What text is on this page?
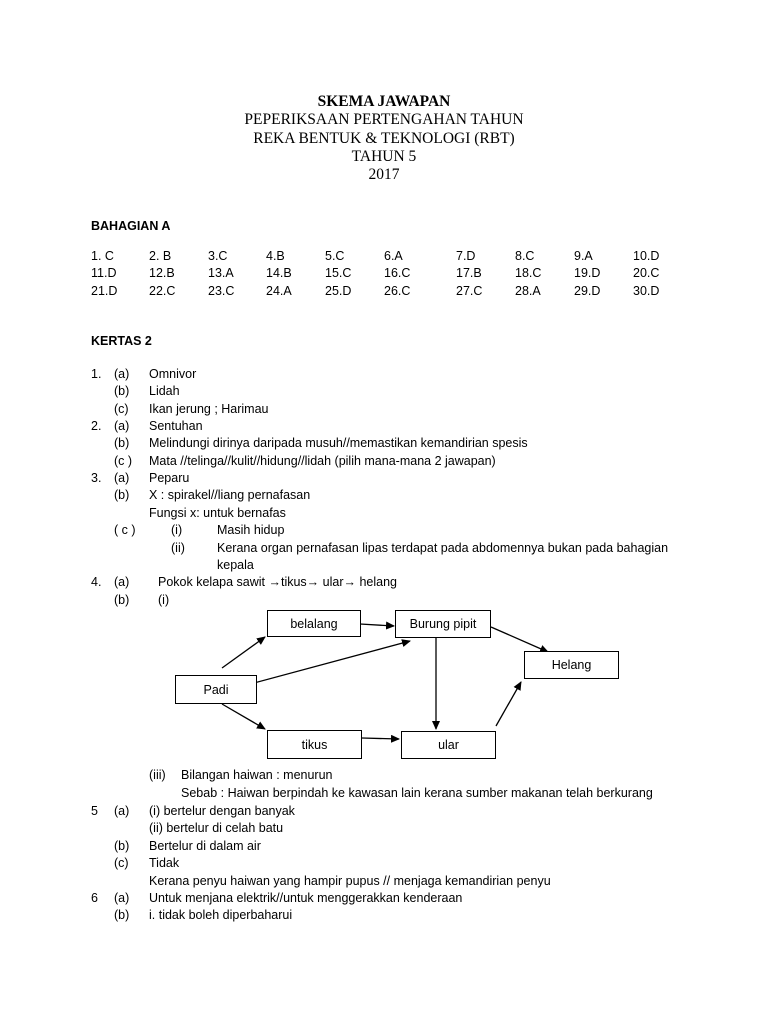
SKEMA JAWAPAN
PEPERIKSAAN PERTENGAHAN TAHUN
REKA BENTUK & TEKNOLOGI (RBT)
TAHUN 5
2017
BAHAGIAN A
1. C	2. B	3.C	4.B	5.C	6.A	7.D	8.C	9.A	10.D
11.D	12.B	13.A	14.B	15.C	16.C	17.B	18.C	19.D	20.C
21.D	22.C	23.C	24.A	25.D	26.C	27.C	28.A	29.D	30.D
KERTAS 2
1. (a) Omnivor
(b) Lidah
(c) Ikan jerung ; Harimau
2. (a) Sentuhan
(b) Melindungi dirinya daripada musuh//memastikan kemandirian spesis
(c ) Mata //telinga//kulit//hidung//lidah (pilih mana-mana 2 jawapan)
3. (a) Peparu
(b) X : spirakel//liang pernafasan
Fungsi x: untuk bernafas
( c )	(i)	Masih hidup
(ii)	Kerana organ pernafasan lipas terdapat pada abdomennya bukan pada bahagian
kepala
4. (a) Pokok kelapa sawit →tikus→ ular→ helang
(b) (i)
belalang	Burung pipit
Helang
Padi
tikus	ular
(iii) Bilangan haiwan : menurun
Sebab : Haiwan berpindah ke kawasan lain kerana sumber makanan telah berkurang
5 (a) (i) bertelur dengan banyak
(ii) bertelur di celah batu
(b) Bertelur di dalam air
(c) Tidak
Kerana penyu haiwan yang hampir pupus // menjaga kemandirian penyu
6 (a) Untuk menjana elektrik//untuk menggerakkan kenderaan
(b) i. tidak boleh diperbaharui
